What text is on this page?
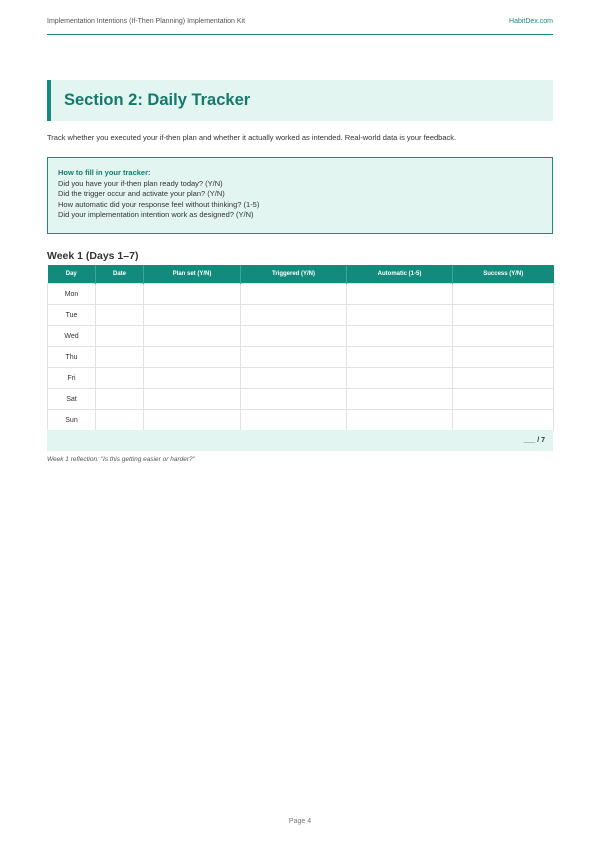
Implementation Intentions (If-Then Planning) Implementation Kit	HabitDex.com
Section 2: Daily Tracker
Track whether you executed your if-then plan and whether it actually worked as intended. Real-world data is your feedback.
How to fill in your tracker:
Did you have your if-then plan ready today? (Y/N)
Did the trigger occur and activate your plan? (Y/N)
How automatic did your response feel without thinking? (1-5)
Did your implementation intention work as designed? (Y/N)
Week 1 (Days 1–7)
Day	Date	Plan set (Y/N)	Triggered (Y/N)	Automatic (1-5)	Success (Y/N)
Mon					
Tue					
Wed					
Thu					
Fri					
Sat					
Sun					
___ / 7
Week 1 reflection: "Is this getting easier or harder?"
Page 4
